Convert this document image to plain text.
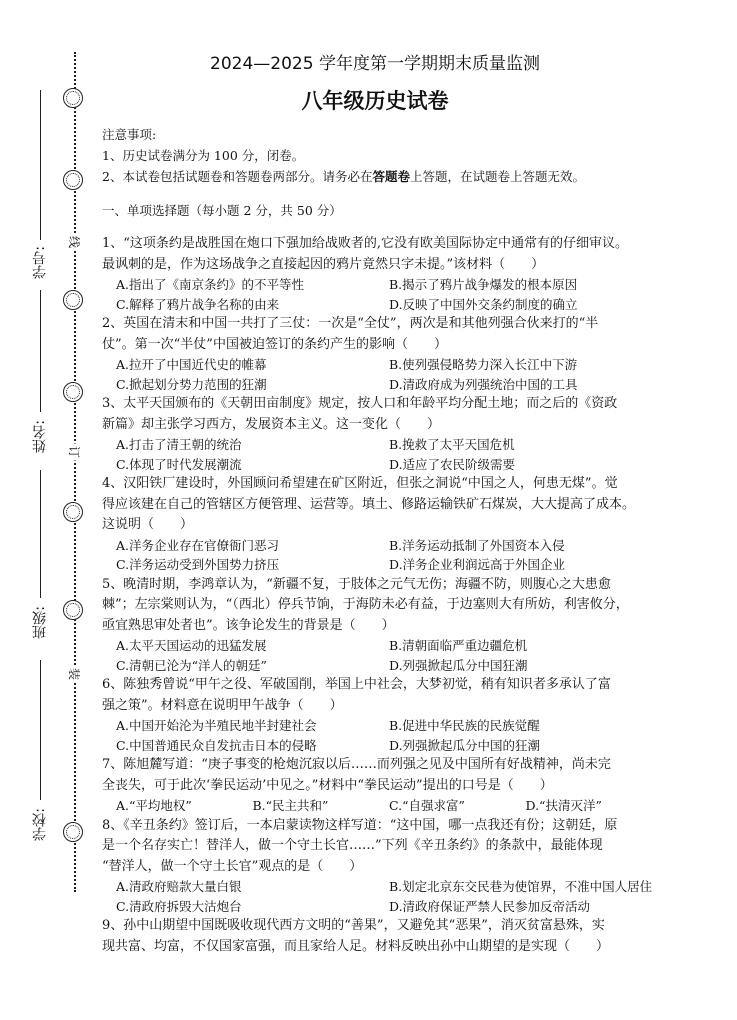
线
订
装
学号:
姓名:
班级:
学校:

2024—2025 学年度第一学期期末质量监测

八年级历史试卷

注意事项:

1、历史试卷满分为 100 分，闭卷。

2、本试卷包括试题卷和答题卷两部分。请务必在答题卷上答题，在试题卷上答题无效。

一、单项选择题（每小题 2 分，共 50 分）

1、“这项条约是战胜国在炮口下强加给战败者的,它没有欧美国际协定中通常有的仔细审议。

最讽刺的是，作为这场战争之直接起因的鸦片竟然只字未提。”该材料（　　）

A.指出了《南京条约》的不平等性	B.揭示了鸦片战争爆发的根本原因
C.解释了鸦片战争名称的由来	D.反映了中国外交条约制度的确立

2、英国在清末和中国一共打了三仗：一次是“全仗”，两次是和其他列强合伙来打的“半

仗”。第一次“半仗”中国被迫签订的条约产生的影响（　　）

A.拉开了中国近代史的帷幕	B.使列强侵略势力深入长江中下游
C.掀起划分势力范围的狂潮	D.清政府成为列强统治中国的工具

3、太平天国颁布的《天朝田亩制度》规定，按人口和年龄平均分配土地；而之后的《资政

新篇》却主张学习西方，发展资本主义。这一变化（　　）

A.打击了清王朝的统治	B.挽救了太平天国危机
C.体现了时代发展潮流	D.适应了农民阶级需要

4、汉阳铁厂建设时，外国顾问希望建在矿区附近，但张之洞说“中国之人，何患无煤”。觉

得应该建在自己的管辖区方便管理、运营等。填土、修路运输铁矿石煤炭，大大提高了成本。

这说明（　　）

A.洋务企业存在官僚衙门恶习	B.洋务运动抵制了外国资本入侵
C.洋务运动受到外国势力挤压	D.洋务企业利润远高于外国企业

5、晚清时期，李鸿章认为，“新疆不复，于肢体之元气无伤；海疆不防，则腹心之大患愈

棘”；左宗棠则认为，“（西北）停兵节饷，于海防未必有益，于边塞则大有所妨，利害攸分，

亟宜熟思审处者也”。该争论发生的背景是（　　）

A.太平天国运动的迅猛发展	B.清朝面临严重边疆危机
C.清朝已沦为“洋人的朝廷”	D.列强掀起瓜分中国狂潮

6、陈独秀曾说“甲午之役、军破国削，举国上中社会，大梦初觉，稍有知识者多承认了富

强之策”。材料意在说明甲午战争（　　）

A.中国开始沦为半殖民地半封建社会	B.促进中华民族的民族觉醒
C.中国普通民众自发抗击日本的侵略	D.列强掀起瓜分中国的狂潮

7、陈旭麓写道：“庚子事变的枪炮沉寂以后……而列强之见及中国所有好战精神，尚未完

全丧失，可于此次‘拳民运动’中见之。”材料中“拳民运动”提出的口号是（　　）

A.“平均地权”	B.“民主共和”	C.“自强求富”	D.“扶清灭洋”

8、《辛丑条约》签订后，一本启蒙读物这样写道：“这中国，哪一点我还有份；这朝廷，原

是一个名存实亡！替洋人，做一个守土长官……”下列《辛丑条约》的条款中，最能体现

“替洋人，做一个守土长官”观点的是（　　）

A.清政府赔款大量白银	B.划定北京东交民巷为使馆界，不准中国人居住
C.清政府拆毁大沽炮台	D.清政府保证严禁人民参加反帝活动

9、孙中山期望中国既吸收现代西方文明的“善果”，又避免其“恶果”，消灭贫富悬殊，实

现共富、均富，不仅国家富强，而且家给人足。材料反映出孙中山期望的是实现（　　）
